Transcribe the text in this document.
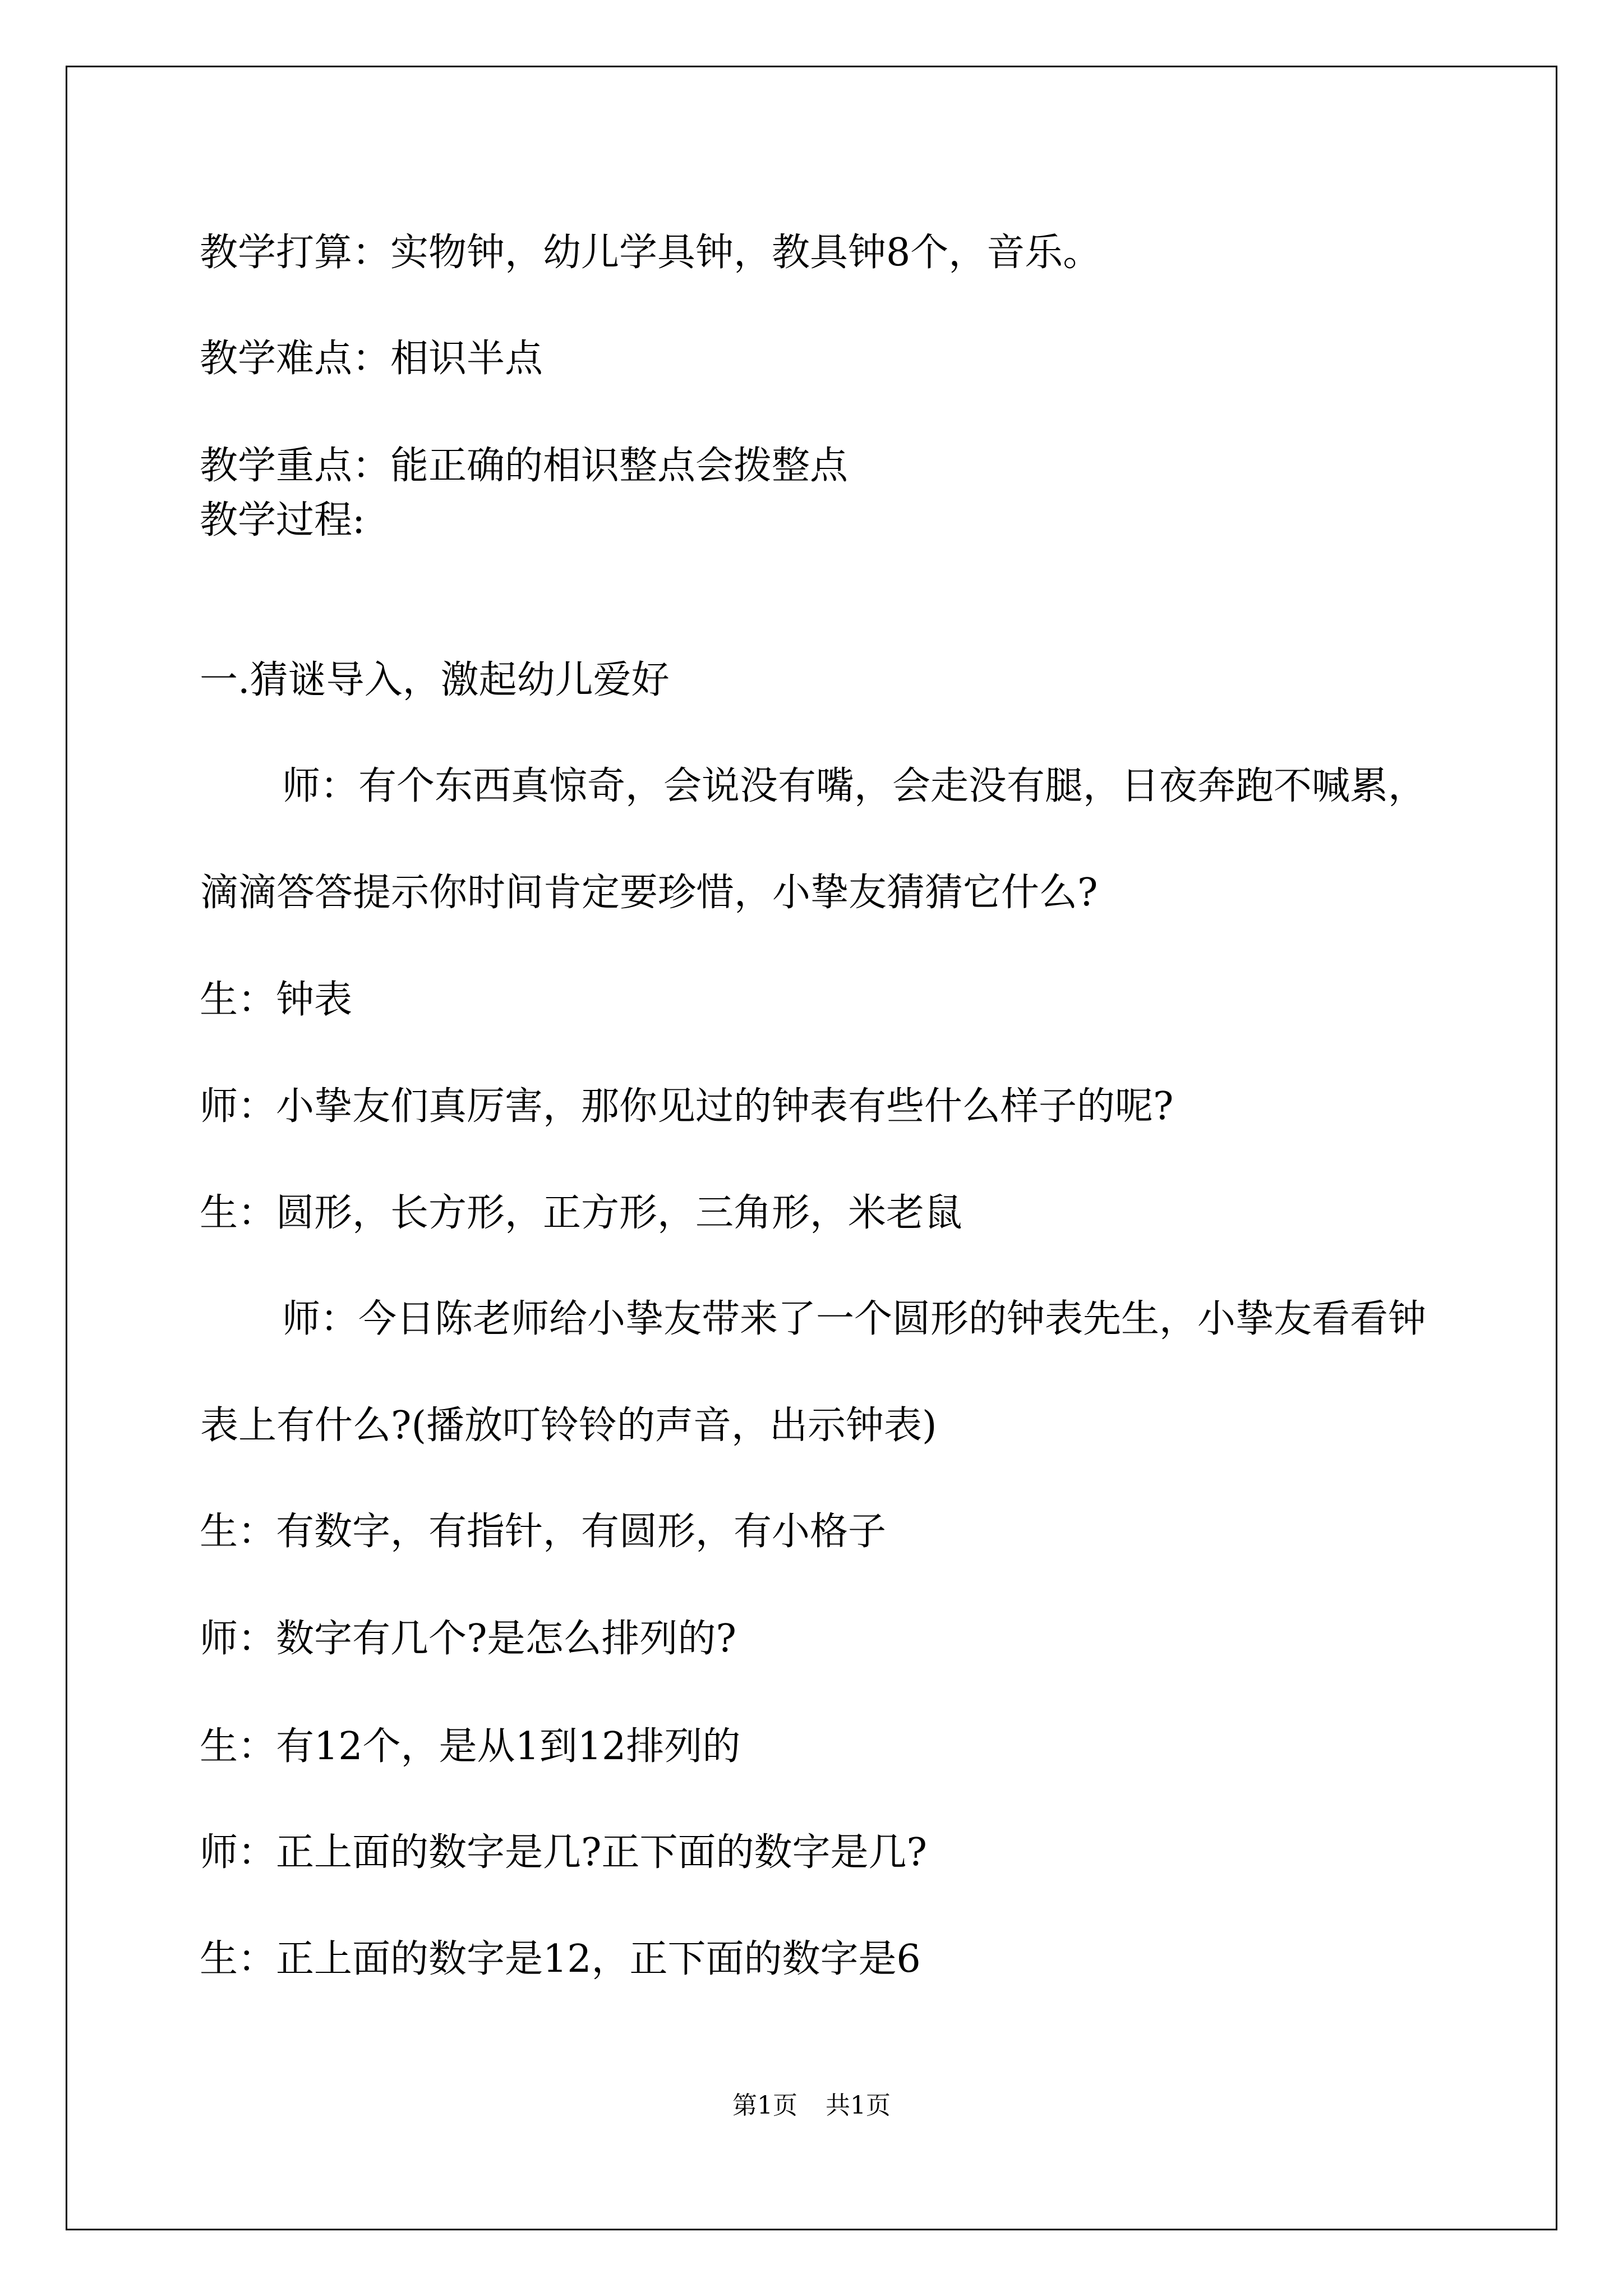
教学打算：实物钟，幼儿学具钟，教具钟8个，音乐。

教学难点：相识半点

教学重点：能正确的相识整点会拨整点

教学过程:

一.猜谜导入，激起幼儿爱好

师：有个东西真惊奇，会说没有嘴，会走没有腿，日夜奔跑不喊累，滴滴答答提示你时间肯定要珍惜，小挚友猜猜它什么?

生：钟表

师：小挚友们真厉害，那你见过的钟表有些什么样子的呢?

生：圆形，长方形，正方形，三角形，米老鼠

师：今日陈老师给小挚友带来了一个圆形的钟表先生，小挚友看看钟表上有什么?(播放叮铃铃的声音，出示钟表)

生：有数字，有指针，有圆形，有小格子

师：数字有几个?是怎么排列的?

生：有12个，是从1到12排列的

师：正上面的数字是几?正下面的数字是几?

生：正上面的数字是12，正下面的数字是6

第1页 共1页
